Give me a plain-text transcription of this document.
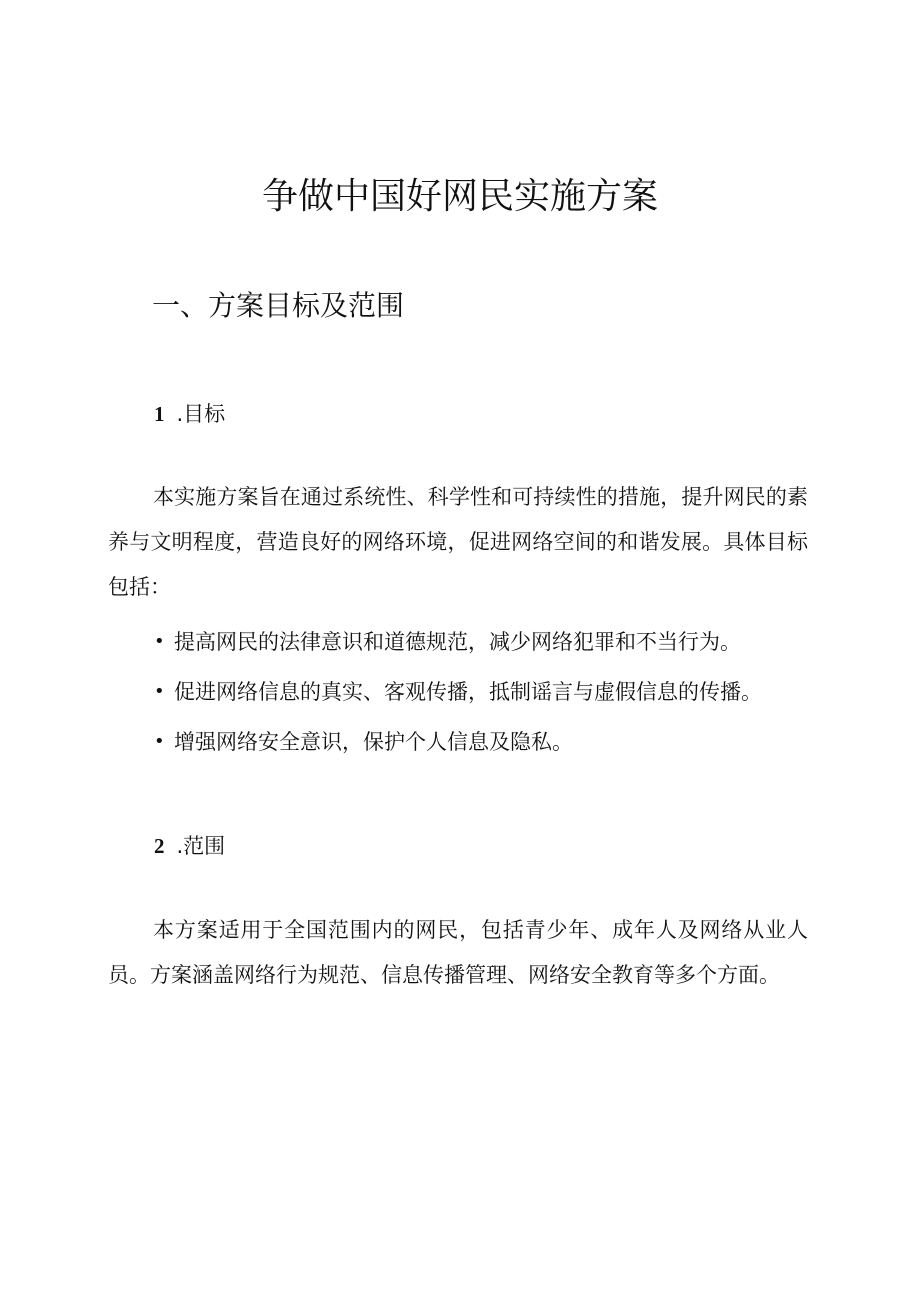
争做中国好网民实施方案
一、方案目标及范围
1 .目标

本实施方案旨在通过系统性、科学性和可持续性的措施，提升网民的素养与文明程度，营造良好的网络环境，促进网络空间的和谐发展。具体目标包括：

• 提高网民的法律意识和道德规范，减少网络犯罪和不当行为。
• 促进网络信息的真实、客观传播，抵制谣言与虚假信息的传播。
• 增强网络安全意识，保护个人信息及隐私。
2 .范围

本方案适用于全国范围内的网民，包括青少年、成年人及网络从业人员。方案涵盖网络行为规范、信息传播管理、网络安全教育等多个方面。
